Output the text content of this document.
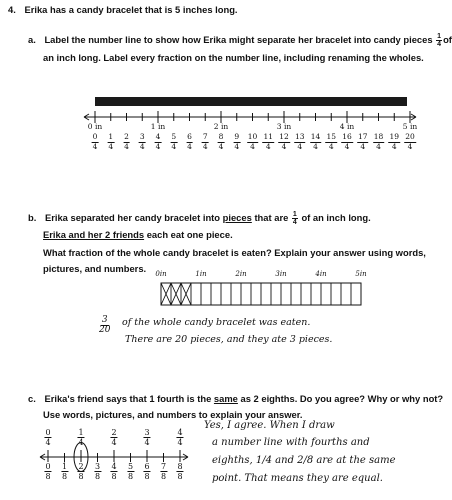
4. Erika has a candy bracelet that is 5 inches long.
a. Label the number line to show how Erika might separate her bracelet into candy pieces $\frac{1}{4}$ of
an inch long. Label every fraction on the number line, including renaming the wholes.
0 in	1 in	2 in	3 in	4 in	5 in
0
4
1
4
2
4
3
4
4
4
5
4
6
4
7
4
8
4
9
4
10
4
11
4
12
4
13
4
14
4
15
4
16
4
17
4
18
4
19
4
20
4
b. Erika separated her candy bracelet into pieces that are $\frac{1}{4}$ of an inch long.
Erika and her 2 friends each eat one piece.
What fraction of the whole candy bracelet is eaten? Explain your answer using words,
pictures, and numbers. 0in	1in	2in	3in	4in	5in
$\frac{3}{20}$ of the whole candy bracelet was eaten.
There are 20 pieces, and they ate 3 pieces.
c. Erika's friend says that 1 fourth is the same as 2 eighths. Do you agree? Why or why not?
Use words, pictures, and numbers to explain your answer.
0
4
1
4
2
4
3
4
4
4
0
8
1
8
2
8
3
8
4
8
5
8
6
8
7
8
8
8
Yes, I agree. When I draw
a number line with fourths and
eighths, 1/4 and 2/8 are at the same
point. That means they are equal.
